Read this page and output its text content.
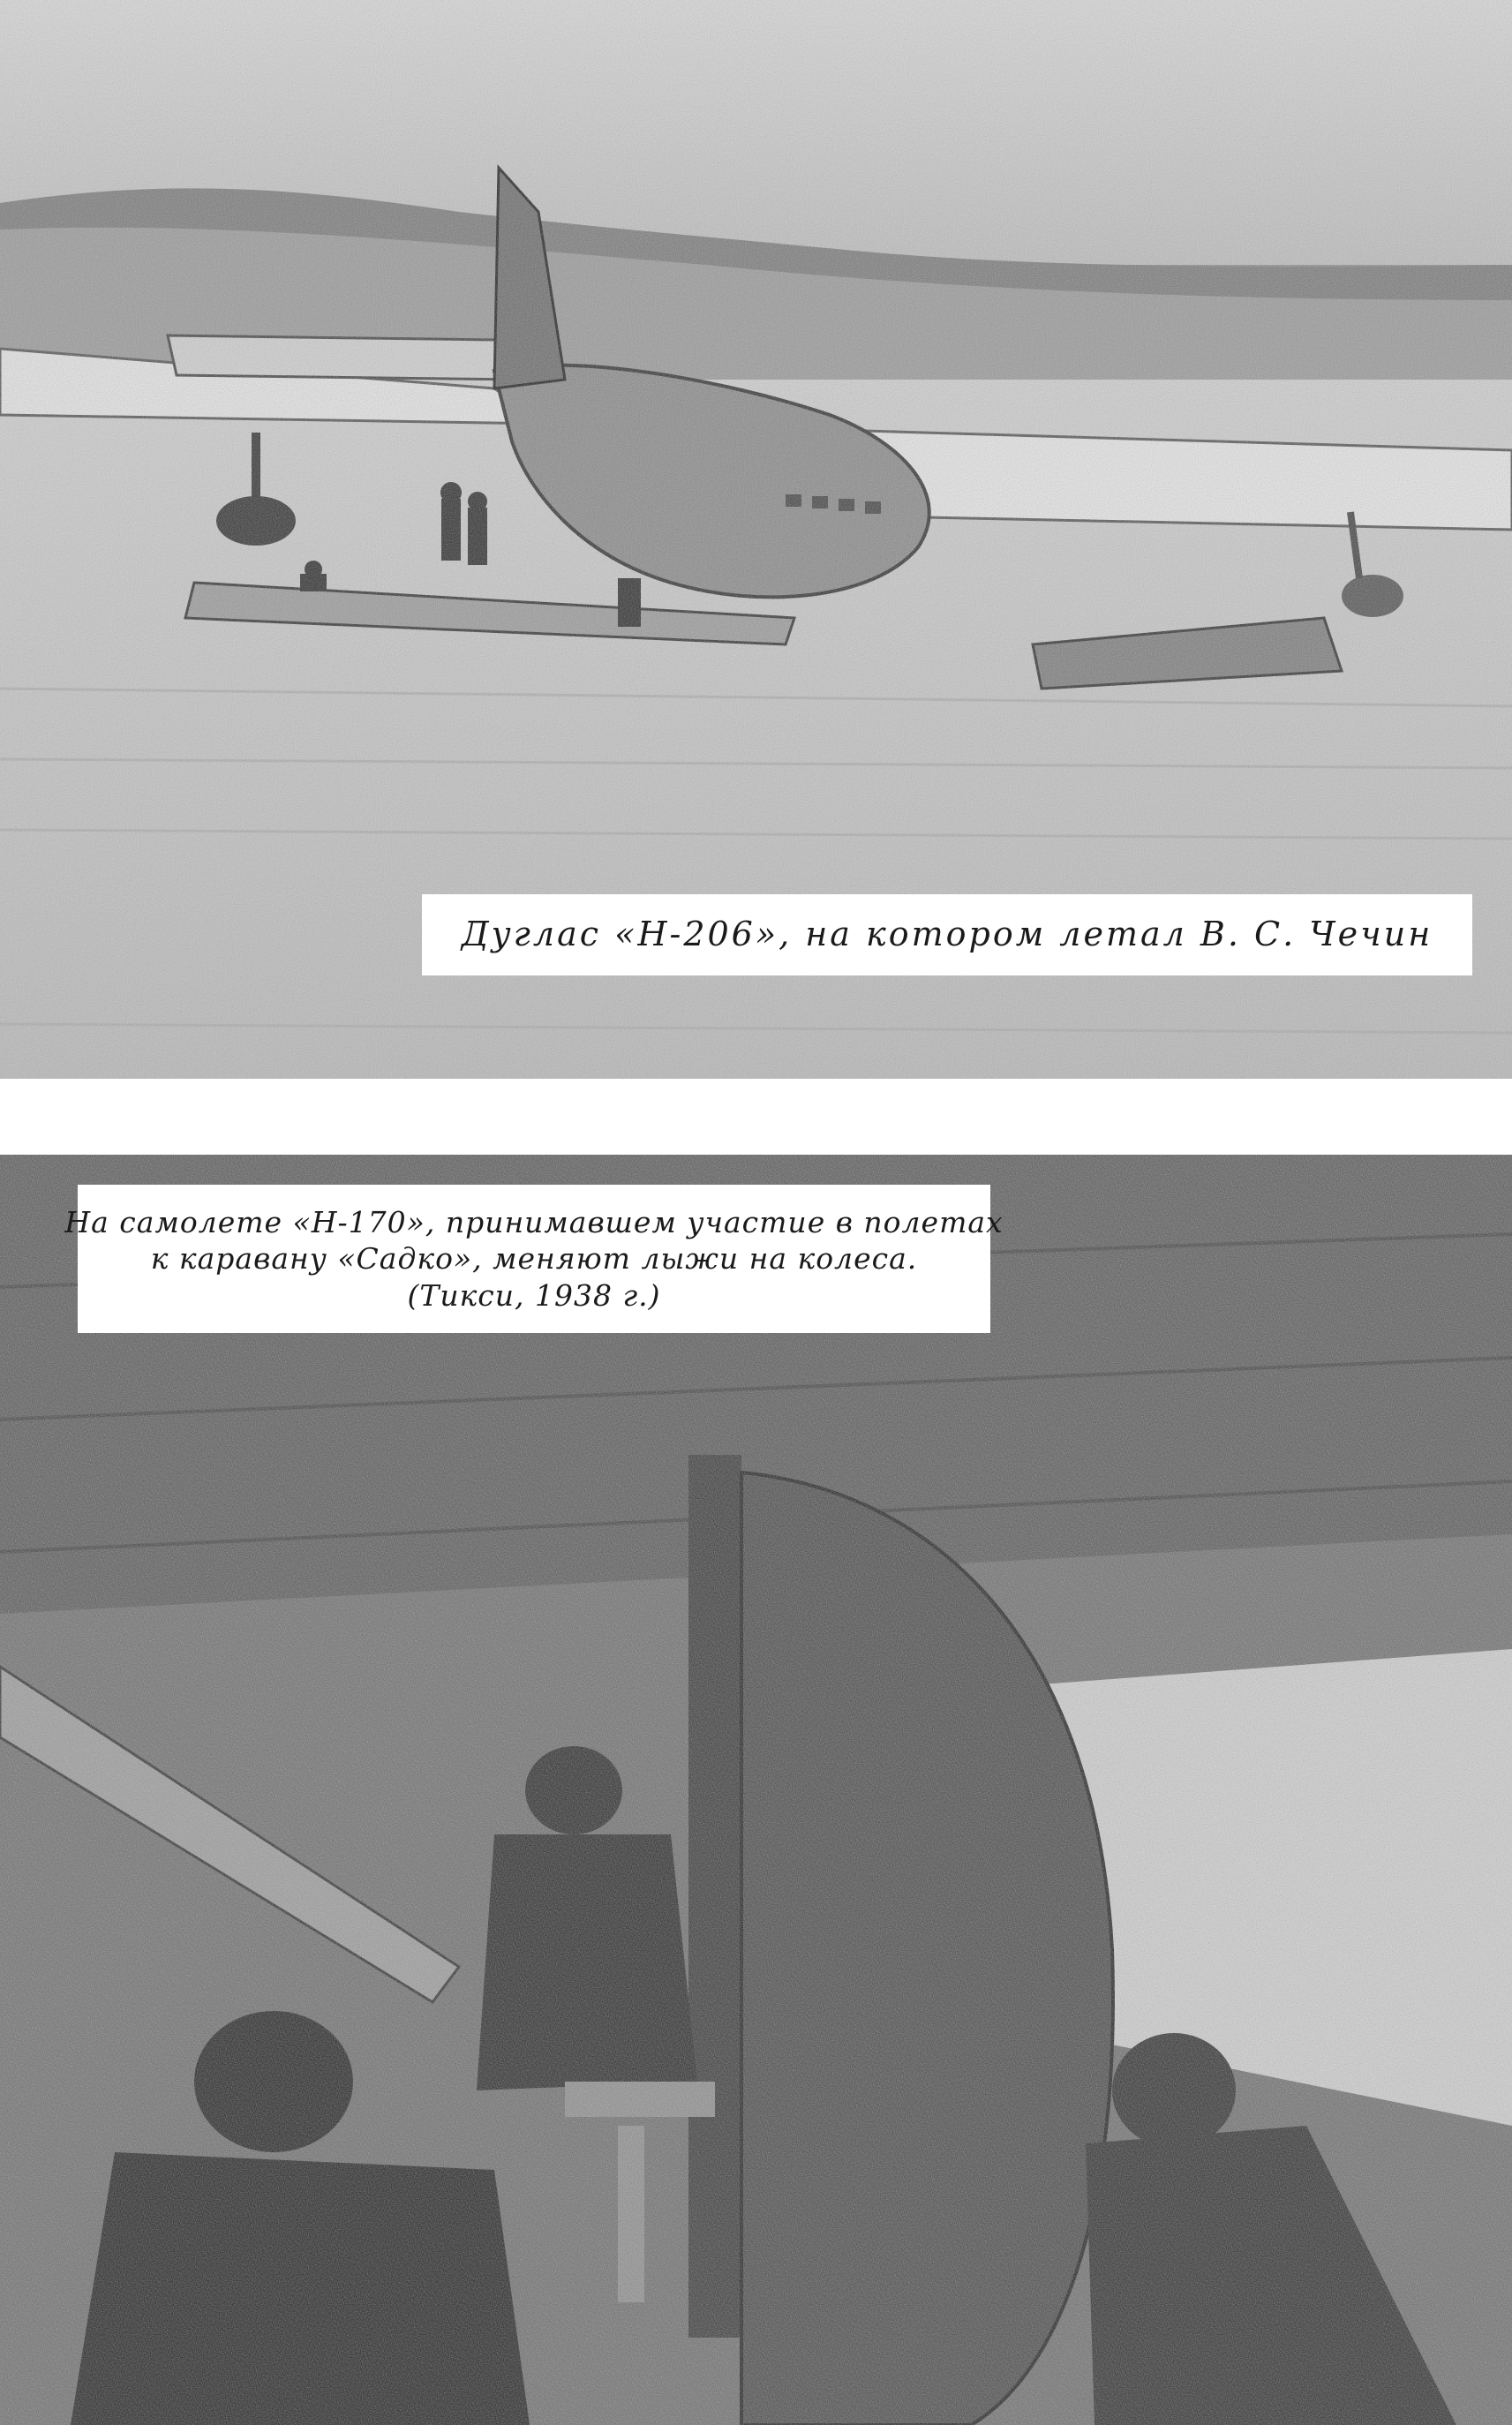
Дуглас «Н-206», на котором летал В. С. Чечин
На самолете «Н-170», принимавшем участие в полетах
к каравану «Садко», меняют лыжи на колеса.
(Тикси, 1938 г.)
